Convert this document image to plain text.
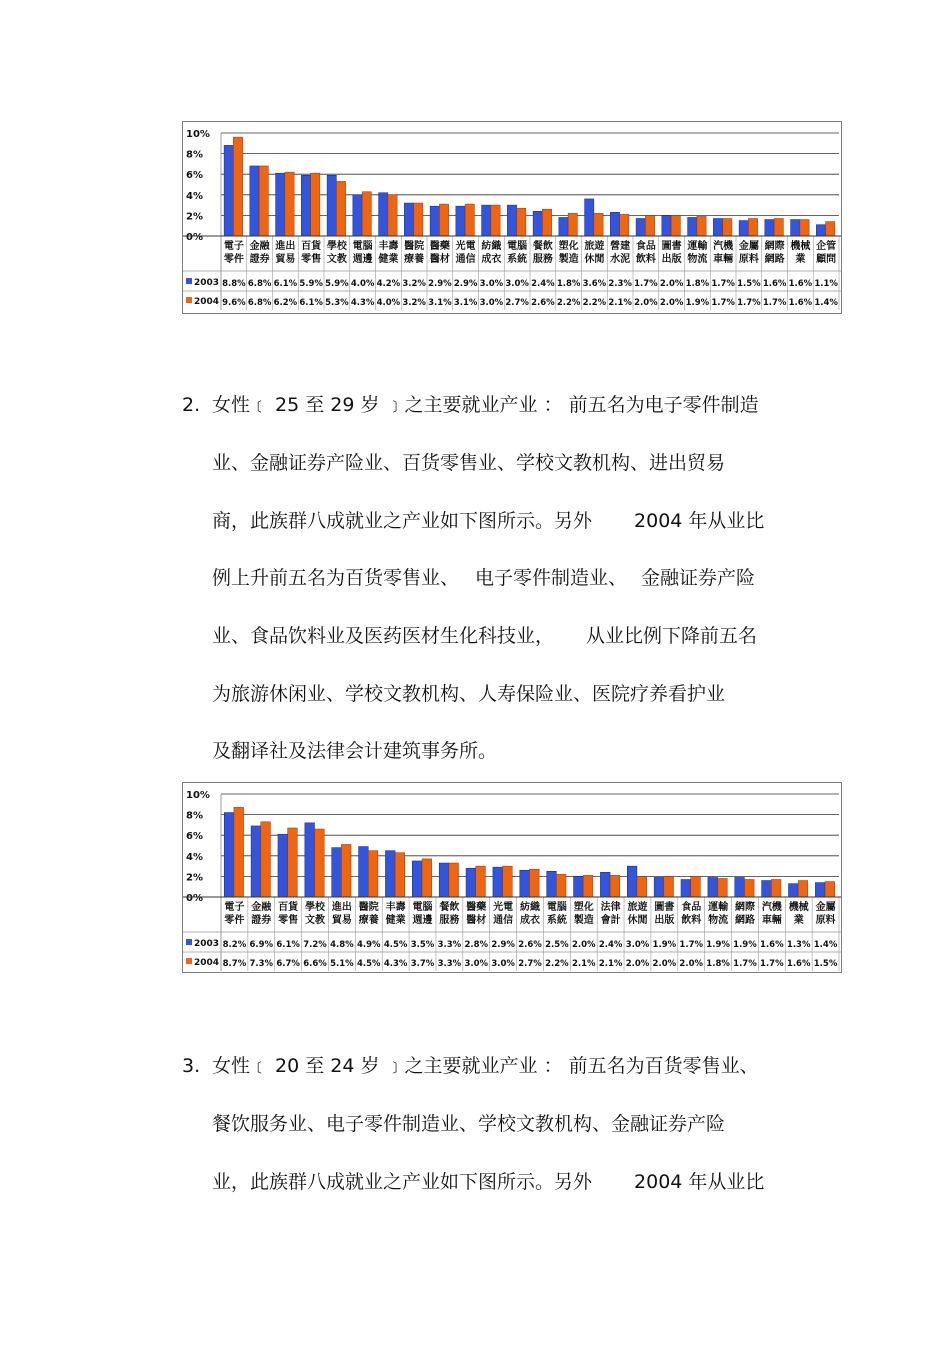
10%
8%
6%
4%
2%
0%
電子
零件
8.8%
9.6%
金融
證券
6.8%
6.8%
進出
貿易
6.1%
6.2%
百貨
零售
5.9%
6.1%
學校
文教
5.9%
5.3%
電腦
週邊
4.0%
4.3%
丰壽
健業
4.2%
4.0%
醫院
療養
3.2%
3.2%
醫藥
醫材
2.9%
3.1%
光電
通信
2.9%
3.1%
紡織
成衣
3.0%
3.0%
電腦
系統
3.0%
2.7%
餐飲
服務
2.4%
2.6%
塑化
製造
1.8%
2.2%
旅遊
休閒
3.6%
2.2%
營建
水泥
2.3%
2.1%
食品
飲料
1.7%
2.0%
圖書
出版
2.0%
2.0%
運輸
物流
1.8%
1.9%
汽機
車輛
1.7%
1.7%
金屬
原料
1.5%
1.7%
網際
網路
1.6%
1.7%
機械
業
1.6%
1.6%
企管
顧問
1.1%
1.4%
2003
2004
2. 女性﹝ 25 至 29 岁 ﹞之主要就业产业 ： 前五名为电子零件制造
业、金融证券产险业、百货零售业、学校文教机构、进出贸易
商，此族群八成就业之产业如下图所示。另外 2004 年从业比
例上升前五名为百货零售业、 电子零件制造业、 金融证券产险
业、食品饮料业及医药医材生化科技业， 从业比例下降前五名
为旅游休闲业、学校文教机构、人寿保险业、医院疗养看护业
及翻译社及法律会计建筑事务所。
10%
8%
6%
4%
2%
0%
電子
零件
8.2%
8.7%
金融
證券
6.9%
7.3%
百貨
零售
6.1%
6.7%
學校
文教
7.2%
6.6%
進出
貿易
4.8%
5.1%
醫院
療養
4.9%
4.5%
丰壽
健業
4.5%
4.3%
電腦
週邊
3.5%
3.7%
餐飲
服務
3.3%
3.3%
醫藥
醫材
2.8%
3.0%
光電
通信
2.9%
3.0%
紡織
成衣
2.6%
2.7%
電腦
系統
2.5%
2.2%
塑化
製造
2.0%
2.1%
法律
會計
2.4%
2.1%
旅遊
休閒
3.0%
2.0%
圖書
出版
1.9%
2.0%
食品
飲料
1.7%
2.0%
運輸
物流
1.9%
1.8%
網際
網路
1.9%
1.7%
汽機
車輛
1.6%
1.7%
機械
業
1.3%
1.6%
金屬
原料
1.4%
1.5%
2003
2004
3. 女性﹝ 20 至 24 岁 ﹞之主要就业产业 ： 前五名为百货零售业、
餐饮服务业、电子零件制造业、学校文教机构、金融证券产险
业，此族群八成就业之产业如下图所示。另外 2004 年从业比
